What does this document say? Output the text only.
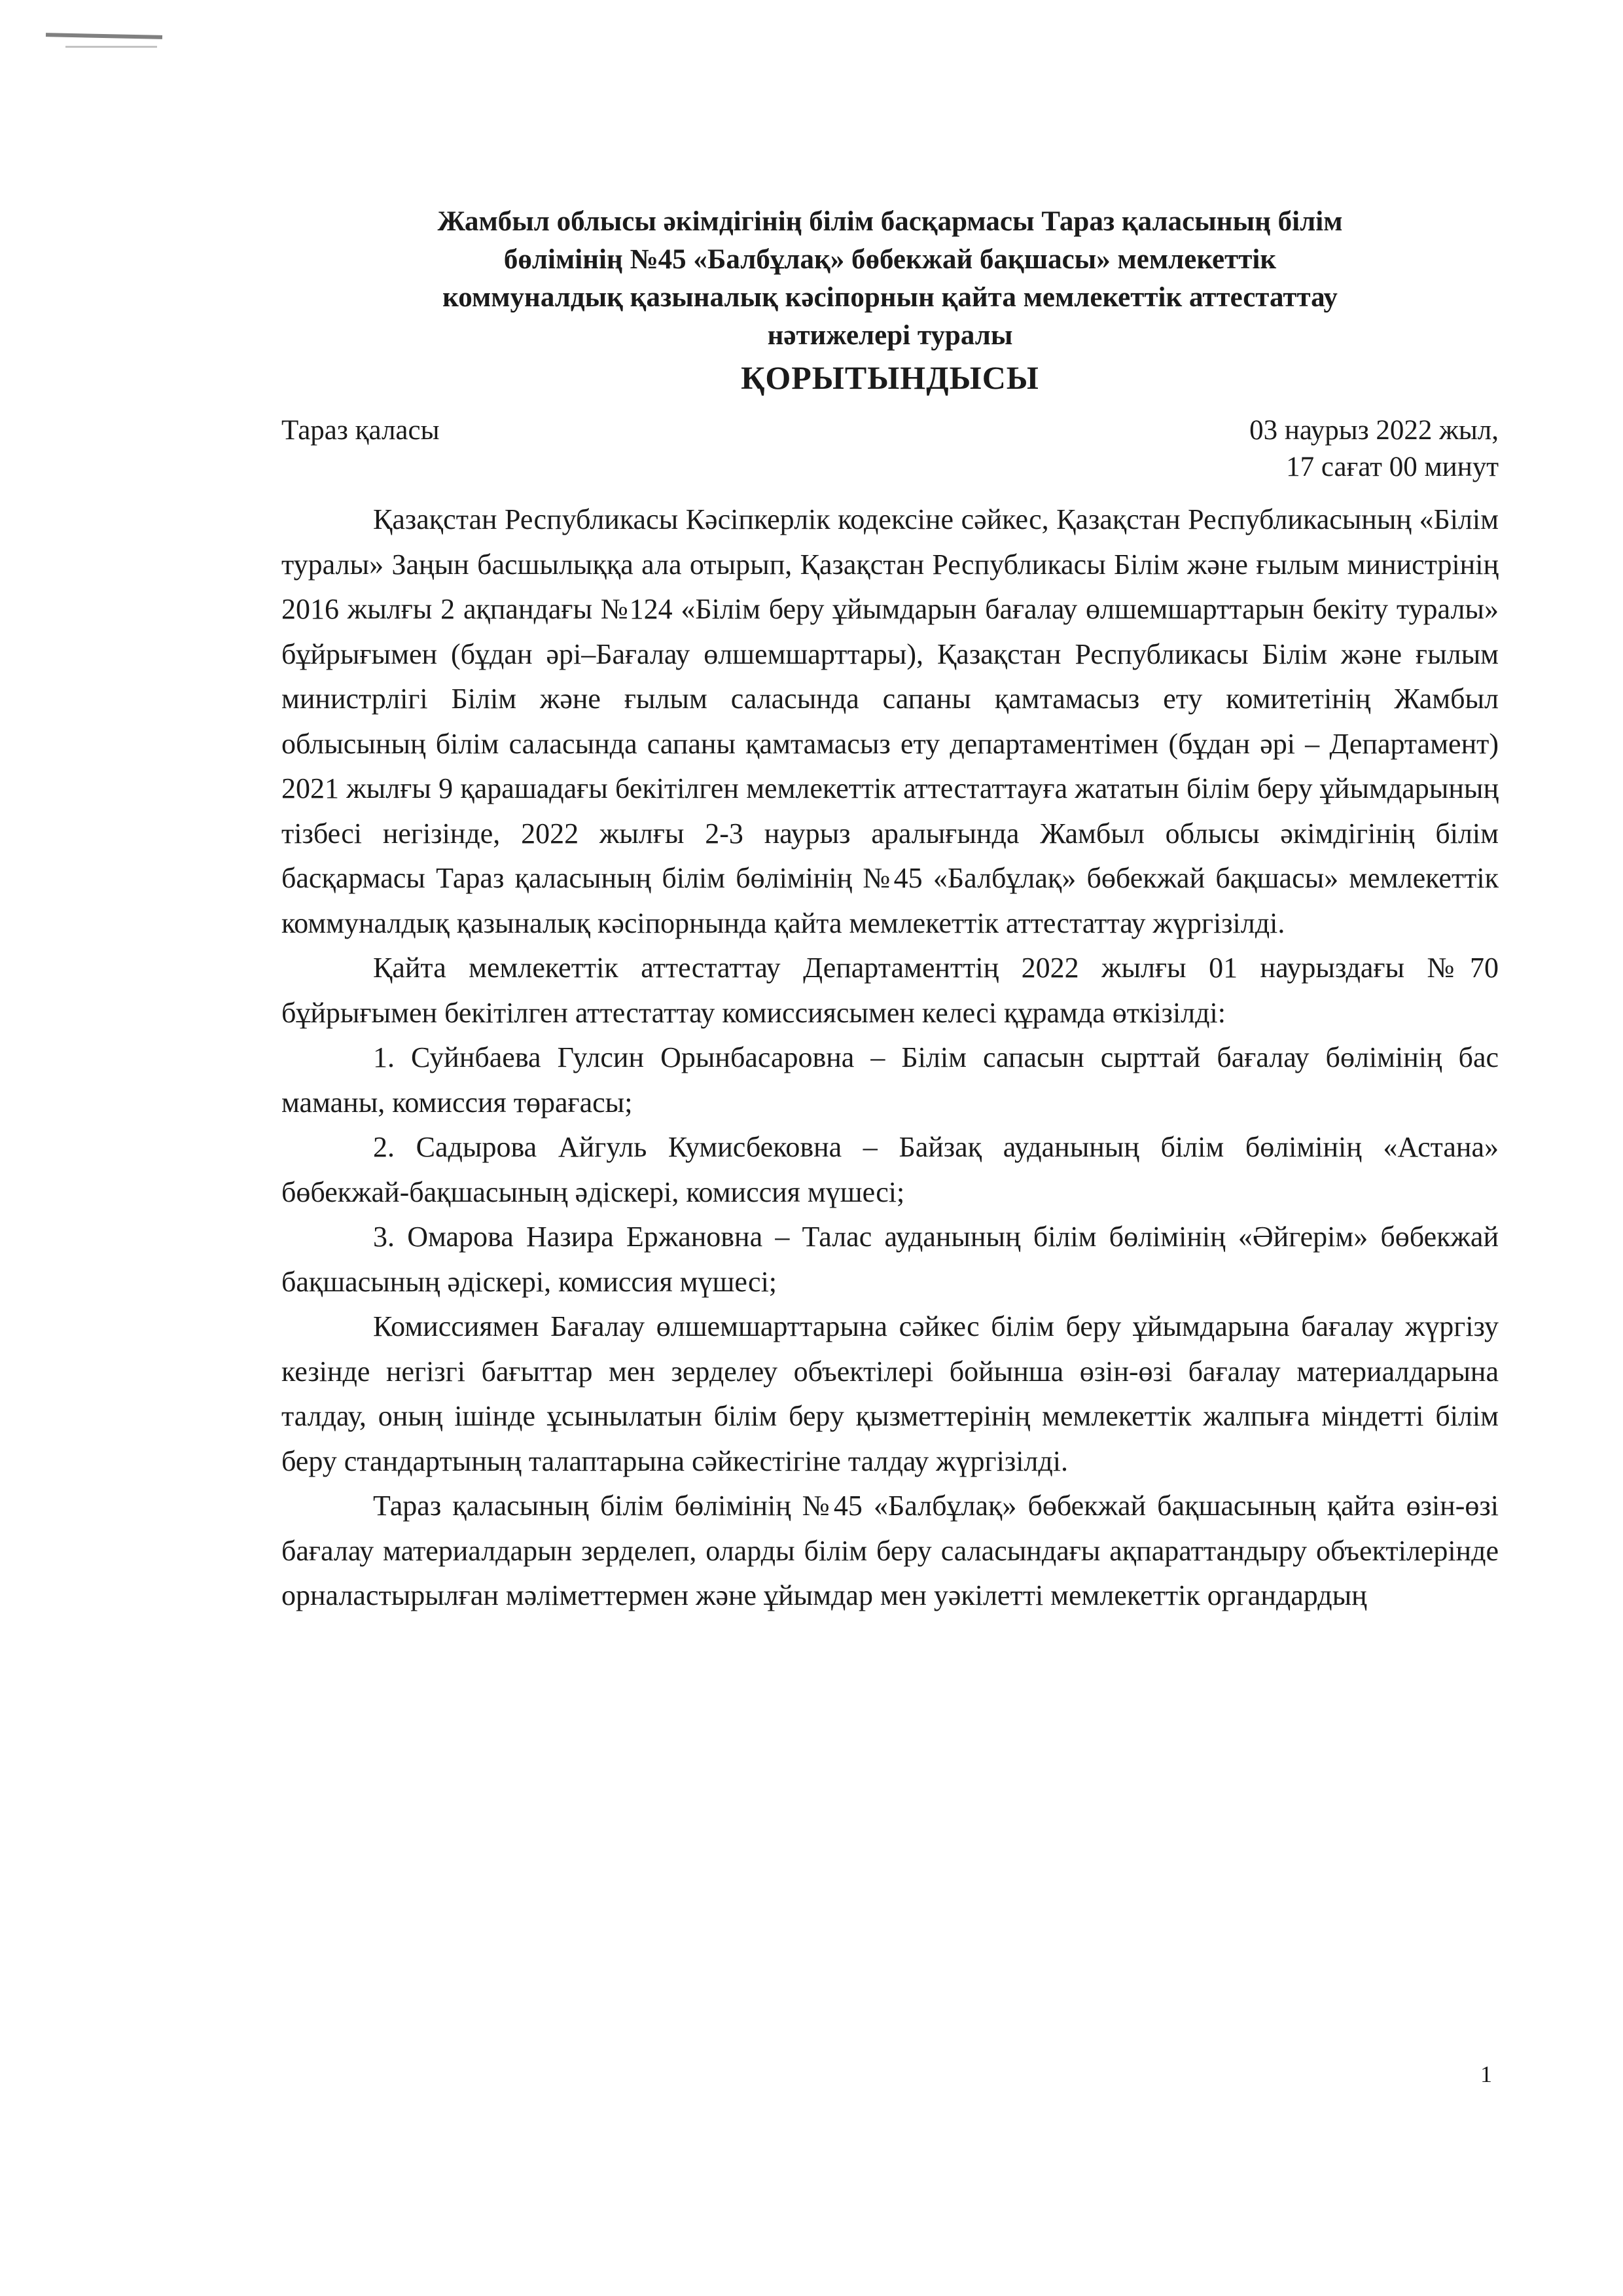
Жамбыл облысы әкімдігінің білім басқармасы Тараз қаласының білім
бөлімінің №45 «Балбұлақ» бөбекжай бақшасы» мемлекеттік
коммуналдық қазыналық кәсіпорнын қайта мемлекеттік аттестаттау
нәтижелері туралы
ҚОРЫТЫНДЫСЫ
Тараз қаласы	03 наурыз 2022 жыл,
17 сағат 00 минут

Қазақстан Республикасы Кәсіпкерлік кодексіне сәйкес, Қазақстан Республикасының «Білім туралы» Заңын басшылыққа ала отырып, Қазақстан Республикасы Білім және ғылым министрінің 2016 жылғы 2 ақпандағы №124 «Білім беру ұйымдарын бағалау өлшемшарттарын бекіту туралы» бұйрығымен (бұдан әрі–Бағалау өлшемшарттары), Қазақстан Республикасы Білім және ғылым министрлігі Білім және ғылым саласында сапаны қамтамасыз ету комитетінің Жамбыл облысының білім саласында сапаны қамтамасыз ету департаментімен (бұдан әрі – Департамент) 2021 жылғы 9 қарашадағы бекітілген мемлекеттік аттестаттауға жататын білім беру ұйымдарының тізбесі негізінде, 2022 жылғы 2-3 наурыз аралығында Жамбыл облысы әкімдігінің білім басқармасы Тараз қаласының білім бөлімінің №45 «Балбұлақ» бөбекжай бақшасы» мемлекеттік коммуналдық қазыналық кәсіпорнында қайта мемлекеттік аттестаттау жүргізілді.

Қайта мемлекеттік аттестаттау Департаменттің 2022 жылғы 01 наурыздағы №70 бұйрығымен бекітілген аттестаттау комиссиясымен келесі құрамда өткізілді:

1. Суйнбаева Гулсин Орынбасаровна – Білім сапасын сырттай бағалау бөлімінің бас маманы, комиссия төрағасы;

2. Садырова Айгуль Кумисбековна – Байзақ ауданының білім бөлімінің «Астана» бөбекжай-бақшасының әдіскері, комиссия мүшесі;

3. Омарова Назира Ержановна – Талас ауданының білім бөлімінің «Әйгерім» бөбекжай бақшасының әдіскері, комиссия мүшесі;

Комиссиямен Бағалау өлшемшарттарына сәйкес білім беру ұйымдарына бағалау жүргізу кезінде негізгі бағыттар мен зерделеу объектілері бойынша өзін-өзі бағалау материалдарына талдау, оның ішінде ұсынылатын білім беру қызметтерінің мемлекеттік жалпыға міндетті білім беру стандартының талаптарына сәйкестігіне талдау жүргізілді.

Тараз қаласының білім бөлімінің №45 «Балбұлақ» бөбекжай бақшасының қайта өзін-өзі бағалау материалдарын зерделеп, оларды білім беру саласындағы ақпараттандыру объектілерінде орналастырылған мәліметтермен және ұйымдар мен уәкілетті мемлекеттік органдардың

1
